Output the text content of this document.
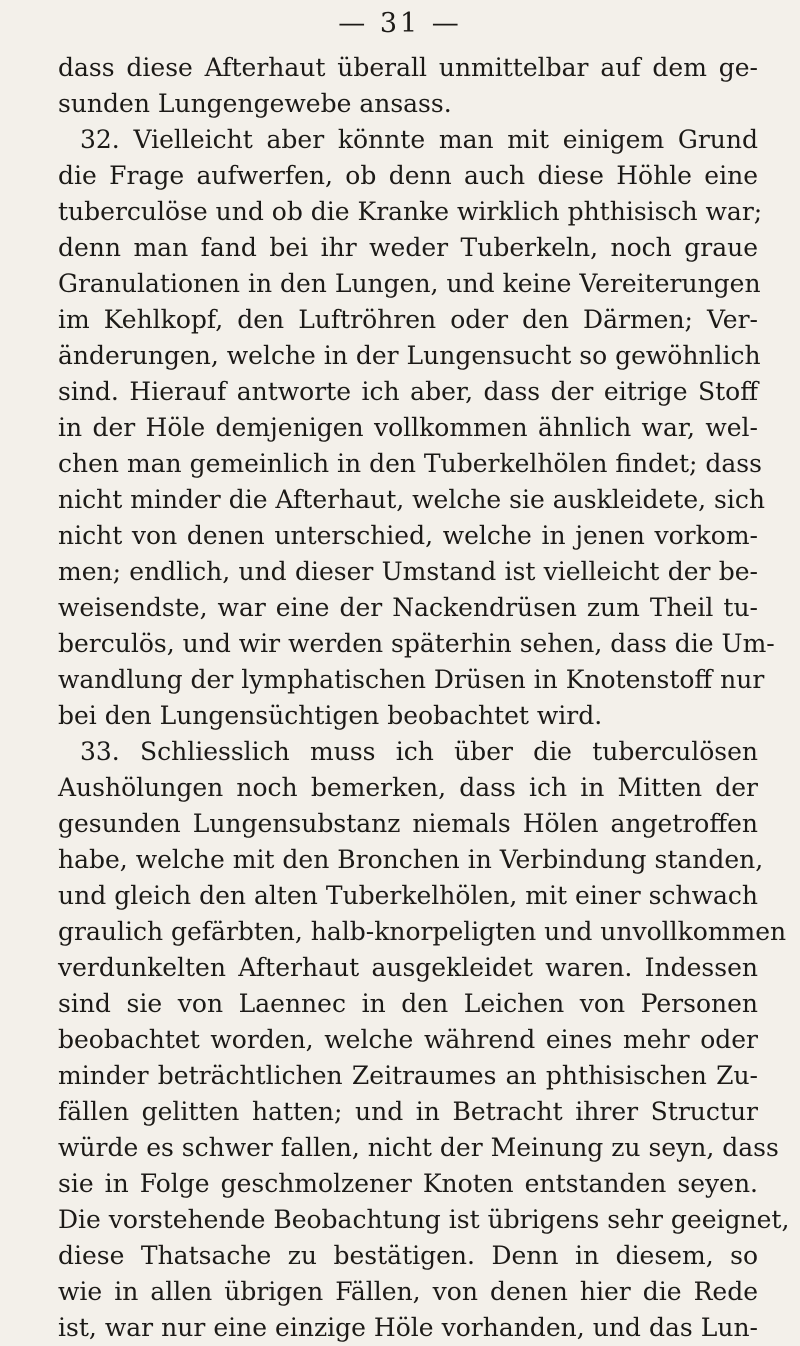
— 31 —
dass diese Afterhaut überall unmittelbar auf dem ge-
sunden Lungengewebe ansass.
32. Vielleicht aber könnte man mit einigem Grund
die Frage aufwerfen, ob denn auch diese Höhle eine
tuberculöse und ob die Kranke wirklich phthisisch war;
denn man fand bei ihr weder Tuberkeln, noch graue
Granulationen in den Lungen, und keine Vereiterungen
im Kehlkopf, den Luftröhren oder den Därmen; Ver-
änderungen, welche in der Lungensucht so gewöhnlich
sind. Hierauf antworte ich aber, dass der eitrige Stoff
in der Höle demjenigen vollkommen ähnlich war, wel-
chen man gemeinlich in den Tuberkelhölen findet; dass
nicht minder die Afterhaut, welche sie auskleidete, sich
nicht von denen unterschied, welche in jenen vorkom-
men; endlich, und dieser Umstand ist vielleicht der be-
weisendste, war eine der Nackendrüsen zum Theil tu-
berculös, und wir werden späterhin sehen, dass die Um-
wandlung der lymphatischen Drüsen in Knotenstoff nur
bei den Lungensüchtigen beobachtet wird.
33. Schliesslich muss ich über die tuberculösen
Aushölungen noch bemerken, dass ich in Mitten der
gesunden Lungensubstanz niemals Hölen angetroffen
habe, welche mit den Bronchen in Verbindung standen,
und gleich den alten Tuberkelhölen, mit einer schwach
graulich gefärbten, halb-knorpeligten und unvollkommen
verdunkelten Afterhaut ausgekleidet waren. Indessen
sind sie von Laennec in den Leichen von Personen
beobachtet worden, welche während eines mehr oder
minder beträchtlichen Zeitraumes an phthisischen Zu-
fällen gelitten hatten; und in Betracht ihrer Structur
würde es schwer fallen, nicht der Meinung zu seyn, dass
sie in Folge geschmolzener Knoten entstanden seyen.
Die vorstehende Beobachtung ist übrigens sehr geeignet,
diese Thatsache zu bestätigen. Denn in diesem, so
wie in allen übrigen Fällen, von denen hier die Rede
ist, war nur eine einzige Höle vorhanden, und das Lun-
